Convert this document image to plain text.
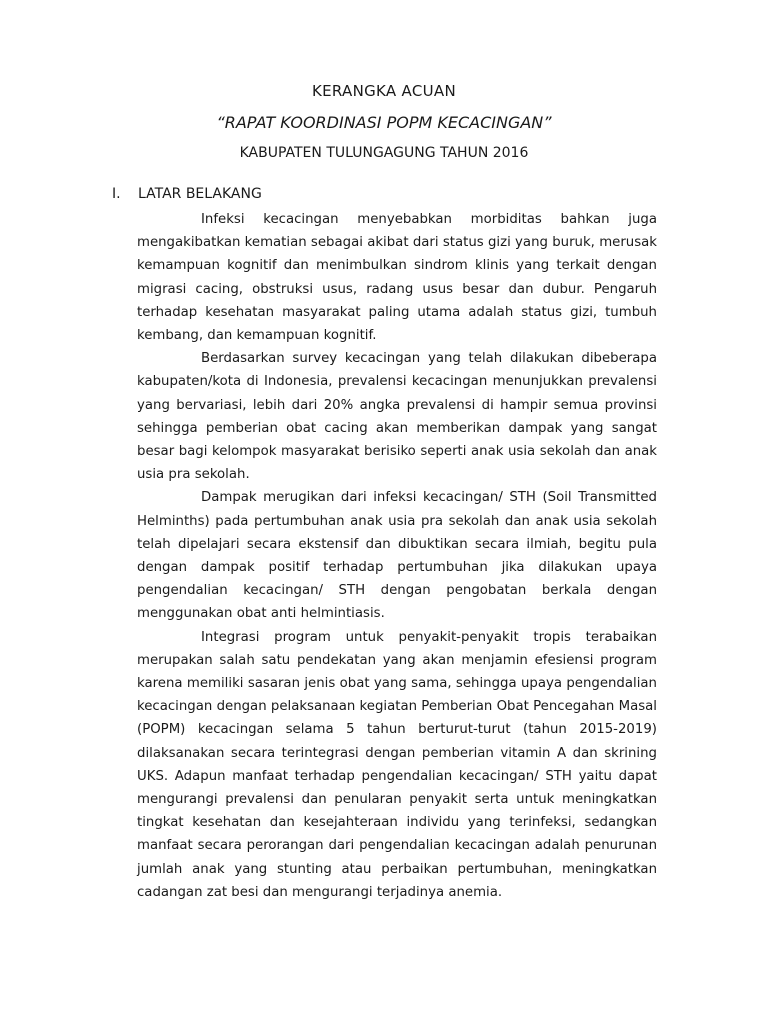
KERANGKA ACUAN
“RAPAT KOORDINASI POPM KECACINGAN”
KABUPATEN TULUNGAGUNG TAHUN 2016
I. LATAR BELAKANG

Infeksi kecacingan menyebabkan morbiditas bahkan juga mengakibatkan kematian sebagai akibat dari status gizi yang buruk, merusak kemampuan kognitif dan menimbulkan sindrom klinis yang terkait dengan migrasi cacing, obstruksi usus, radang usus besar dan dubur. Pengaruh terhadap kesehatan masyarakat paling utama adalah status gizi, tumbuh kembang, dan kemampuan kognitif.

Berdasarkan survey kecacingan yang telah dilakukan dibeberapa kabupaten/kota di Indonesia, prevalensi kecacingan menunjukkan prevalensi yang bervariasi, lebih dari 20% angka prevalensi di hampir semua provinsi sehingga pemberian obat cacing akan memberikan dampak yang sangat besar bagi kelompok masyarakat berisiko seperti anak usia sekolah dan anak usia pra sekolah.

Dampak merugikan dari infeksi kecacingan/ STH (Soil Transmitted Helminths) pada pertumbuhan anak usia pra sekolah dan anak usia sekolah telah dipelajari secara ekstensif dan dibuktikan secara ilmiah, begitu pula dengan dampak positif terhadap pertumbuhan jika dilakukan upaya pengendalian kecacingan/ STH dengan pengobatan berkala dengan menggunakan obat anti helmintiasis.

Integrasi program untuk penyakit-penyakit tropis terabaikan merupakan salah satu pendekatan yang akan menjamin efesiensi program karena memiliki sasaran jenis obat yang sama, sehingga upaya pengendalian kecacingan dengan pelaksanaan kegiatan Pemberian Obat Pencegahan Masal (POPM) kecacingan selama 5 tahun berturut-turut (tahun 2015-2019) dilaksanakan secara terintegrasi dengan pemberian vitamin A dan skrining UKS. Adapun manfaat terhadap pengendalian kecacingan/ STH yaitu dapat mengurangi prevalensi dan penularan penyakit serta untuk meningkatkan tingkat kesehatan dan kesejahteraan individu yang terinfeksi, sedangkan manfaat secara perorangan dari pengendalian kecacingan adalah penurunan jumlah anak yang stunting atau perbaikan pertumbuhan, meningkatkan cadangan zat besi dan mengurangi terjadinya anemia.
